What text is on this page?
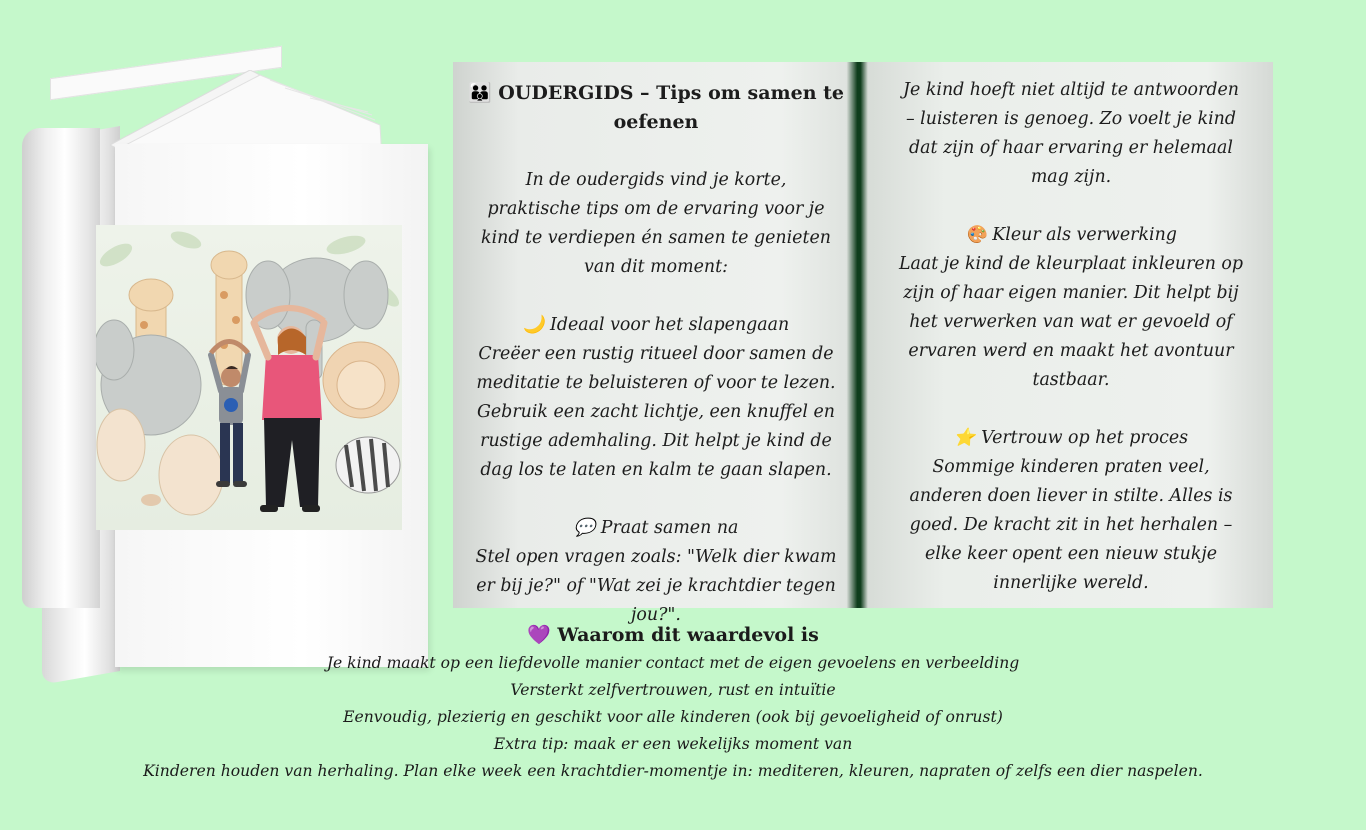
👪 OUDERGIDS – Tips om samen te oefenen

In de oudergids vind je korte, praktische tips om de ervaring voor je kind te verdiepen én samen te genieten van dit moment:

🌙 Ideaal voor het slapengaan

Creëer een rustig ritueel door samen de meditatie te beluisteren of voor te lezen. Gebruik een zacht lichtje, een knuffel en rustige ademhaling. Dit helpt je kind de dag los te laten en kalm te gaan slapen.

💬 Praat samen na

Stel open vragen zoals: "Welk dier kwam er bij je?" of "Wat zei je krachtdier tegen jou?".

Je kind hoeft niet altijd te antwoorden – luisteren is genoeg. Zo voelt je kind dat zijn of haar ervaring er helemaal mag zijn.

🎨 Kleur als verwerking

Laat je kind de kleurplaat inkleuren op zijn of haar eigen manier. Dit helpt bij het verwerken van wat er gevoeld of ervaren werd en maakt het avontuur tastbaar.

⭐ Vertrouw op het proces

Sommige kinderen praten veel, anderen doen liever in stilte. Alles is goed. De kracht zit in het herhalen – elke keer opent een nieuw stukje innerlijke wereld.

💜 Waarom dit waardevol is

Je kind maakt op een liefdevolle manier contact met de eigen gevoelens en verbeelding

Versterkt zelfvertrouwen, rust en intuïtie

Eenvoudig, plezierig en geschikt voor alle kinderen (ook bij gevoeligheid of onrust)

Extra tip: maak er een wekelijks moment van

Kinderen houden van herhaling. Plan elke week een krachtdier-momentje in: mediteren, kleuren, napraten of zelfs een dier naspelen.
